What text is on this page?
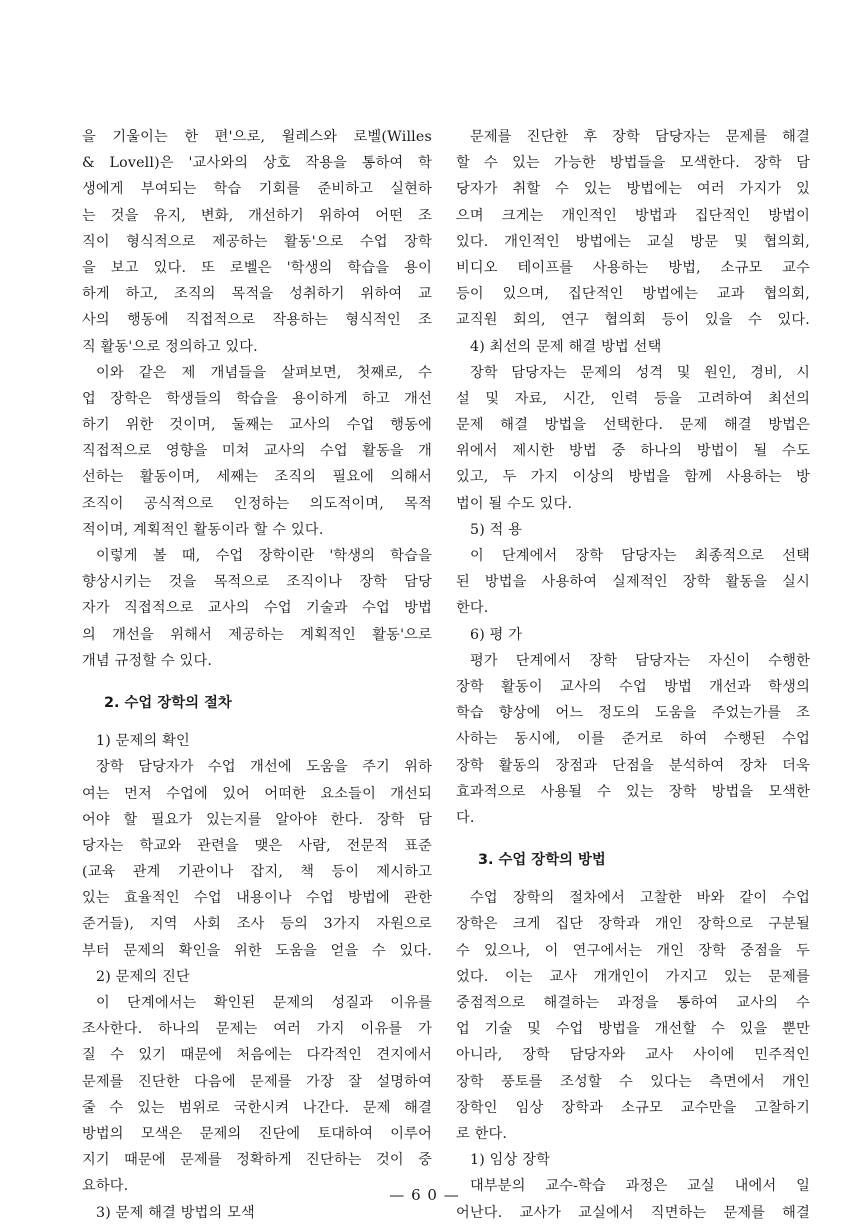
을 기울이는 한 편'으로, 윌레스와 로벨(Willes
& Lovell)은 '교사와의 상호 작용을 통하여 학
생에게 부여되는 학습 기회를 준비하고 실현하
는 것을 유지, 변화, 개선하기 위하여 어떤 조
직이 형식적으로 제공하는 활동'으로 수업 장학
을 보고 있다. 또 로벨은 '학생의 학습을 용이
하게 하고, 조직의 목적을 성취하기 위하여 교
사의 행동에 직접적으로 작용하는 형식적인 조
직 활동'으로 정의하고 있다.
이와 같은 제 개념들을 살펴보면, 첫째로, 수
업 장학은 학생들의 학습을 용이하게 하고 개선
하기 위한 것이며, 둘째는 교사의 수업 행동에
직접적으로 영향을 미쳐 교사의 수업 활동을 개
선하는 활동이며, 세째는 조직의 필요에 의해서
조직이 공식적으로 인정하는 의도적이며, 목적
적이며, 계획적인 활동이라 할 수 있다.
이렇게 볼 때, 수업 장학이란 '학생의 학습을
향상시키는 것을 목적으로 조직이나 장학 담당
자가 직접적으로 교사의 수업 기술과 수업 방법
의 개선을 위해서 제공하는 계획적인 활동'으로
개념 규정할 수 있다.
2. 수업 장학의 절차
1) 문제의 확인
장학 담당자가 수업 개선에 도움을 주기 위하
여는 먼저 수업에 있어 어떠한 요소들이 개선되
어야 할 필요가 있는지를 알아야 한다. 장학 담
당자는 학교와 관련을 맺은 사람, 전문적 표준
(교육 관계 기관이나 잡지, 책 등이 제시하고
있는 효율적인 수업 내용이나 수업 방법에 관한
준거들), 지역 사회 조사 등의 3가지 자원으로
부터 문제의 확인을 위한 도움을 얻을 수 있다.
2) 문제의 진단
이 단계에서는 확인된 문제의 성질과 이유를
조사한다. 하나의 문제는 여러 가지 이유를 가
질 수 있기 때문에 처음에는 다각적인 견지에서
문제를 진단한 다음에 문제를 가장 잘 설명하여
줄 수 있는 범위로 국한시켜 나간다. 문제 해결
방법의 모색은 문제의 진단에 토대하여 이루어
지기 때문에 문제를 정확하게 진단하는 것이 중
요하다.
3) 문제 해결 방법의 모색
문제를 진단한 후 장학 담당자는 문제를 해결
할 수 있는 가능한 방법들을 모색한다. 장학 담
당자가 취할 수 있는 방법에는 여러 가지가 있
으며 크게는 개인적인 방법과 집단적인 방법이
있다. 개인적인 방법에는 교실 방문 및 협의회,
비디오 테이프를 사용하는 방법, 소규모 교수
등이 있으며, 집단적인 방법에는 교과 협의회,
교직원 회의, 연구 협의회 등이 있을 수 있다.
4) 최선의 문제 해결 방법 선택
장학 담당자는 문제의 성격 및 원인, 경비, 시
설 및 자료, 시간, 인력 등을 고려하여 최선의
문제 해결 방법을 선택한다. 문제 해결 방법은
위에서 제시한 방법 중 하나의 방법이 될 수도
있고, 두 가지 이상의 방법을 함께 사용하는 방
법이 될 수도 있다.
5) 적 용
이 단계에서 장학 담당자는 최종적으로 선택
된 방법을 사용하여 실제적인 장학 활동을 실시
한다.
6) 평 가
평가 단계에서 장학 담당자는 자신이 수행한
장학 활동이 교사의 수업 방법 개선과 학생의
학습 향상에 어느 정도의 도움을 주었는가를 조
사하는 동시에, 이를 준거로 하여 수행된 수업
장학 활동의 장점과 단점을 분석하여 장차 더욱
효과적으로 사용될 수 있는 장학 방법을 모색한
다.
3. 수업 장학의 방법
수업 장학의 절차에서 고찰한 바와 같이 수업
장학은 크게 집단 장학과 개인 장학으로 구분될
수 있으나, 이 연구에서는 개인 장학 중점을 두
었다. 이는 교사 개개인이 가지고 있는 문제를
중점적으로 해결하는 과정을 통하여 교사의 수
업 기술 및 수업 방법을 개선할 수 있을 뿐만
아니라, 장학 담당자와 교사 사이에 민주적인
장학 풍토를 조성할 수 있다는 측면에서 개인
장학인 임상 장학과 소규모 교수만을 고찰하기
로 한다.
1) 임상 장학
대부분의 교수-학습 과정은 교실 내에서 일
어난다. 교사가 교실에서 직면하는 문제를 해결
— 6 0 —
